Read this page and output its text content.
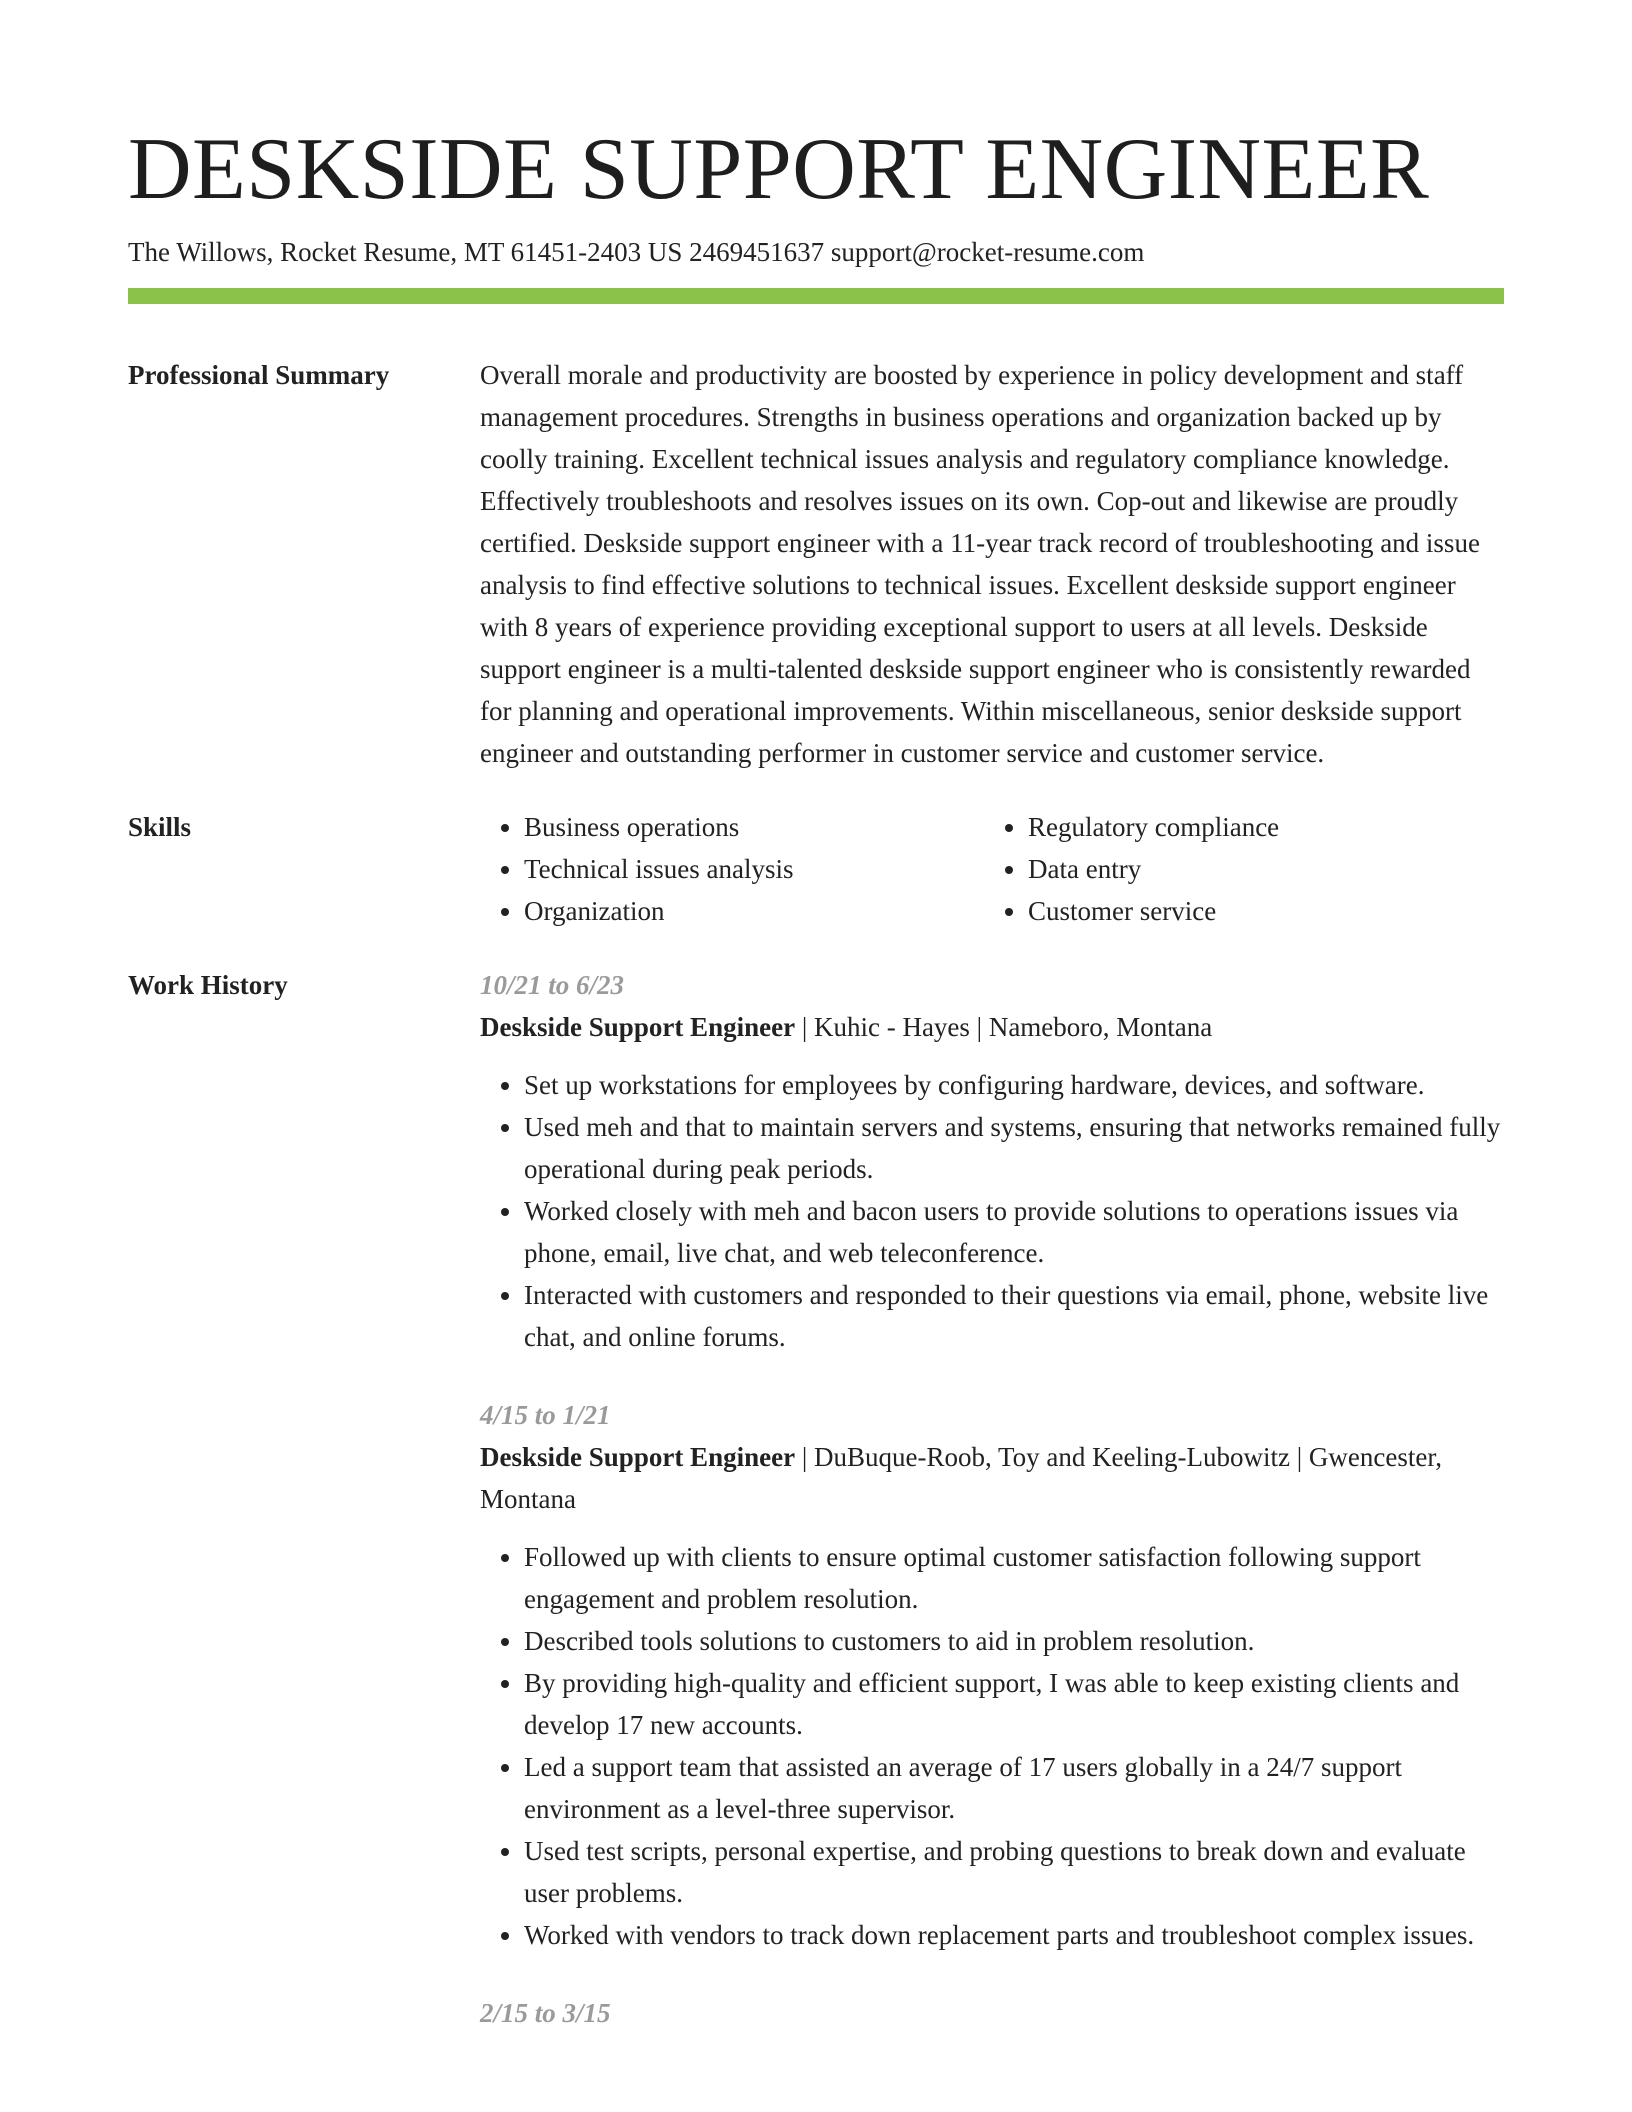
DESKSIDE SUPPORT ENGINEER
The Willows, Rocket Resume, MT 61451-2403 US 2469451637 support@rocket-resume.com
Professional Summary	Overall morale and productivity are boosted by experience in policy development and staff management procedures. Strengths in business operations and organization backed up by coolly training. Excellent technical issues analysis and regulatory compliance knowledge. Effectively troubleshoots and resolves issues on its own. Cop-out and likewise are proudly certified. Deskside support engineer with a 11-year track record of troubleshooting and issue analysis to find effective solutions to technical issues. Excellent deskside support engineer with 8 years of experience providing exceptional support to users at all levels. Deskside support engineer is a multi-talented deskside support engineer who is consistently rewarded for planning and operational improvements. Within miscellaneous, senior deskside support engineer and outstanding performer in customer service and customer service.

Skills
•	Business operations
• Technical issues analysis
• Organization
• Regulatory compliance
• Data entry
• Customer service
Work History	10/21 to 6/23
Deskside Support Engineer | Kuhic - Hayes | Nameboro, Montana
• Set up workstations for employees by configuring hardware, devices, and software.
• Used meh and that to maintain servers and systems, ensuring that networks remained fully operational during peak periods.
• Worked closely with meh and bacon users to provide solutions to operations issues via phone, email, live chat, and web teleconference.
• Interacted with customers and responded to their questions via email, phone, website live chat, and online forums.
4/15 to 1/21
Deskside Support Engineer | DuBuque-Roob, Toy and Keeling-Lubowitz | Gwencester, Montana
• Followed up with clients to ensure optimal customer satisfaction following support engagement and problem resolution.
• Described tools solutions to customers to aid in problem resolution.
• By providing high-quality and efficient support, I was able to keep existing clients and develop 17 new accounts.
• Led a support team that assisted an average of 17 users globally in a 24/7 support environment as a level-three supervisor.
• Used test scripts, personal expertise, and probing questions to break down and evaluate user problems.
• Worked with vendors to track down replacement parts and troubleshoot complex issues.
2/15 to 3/15
